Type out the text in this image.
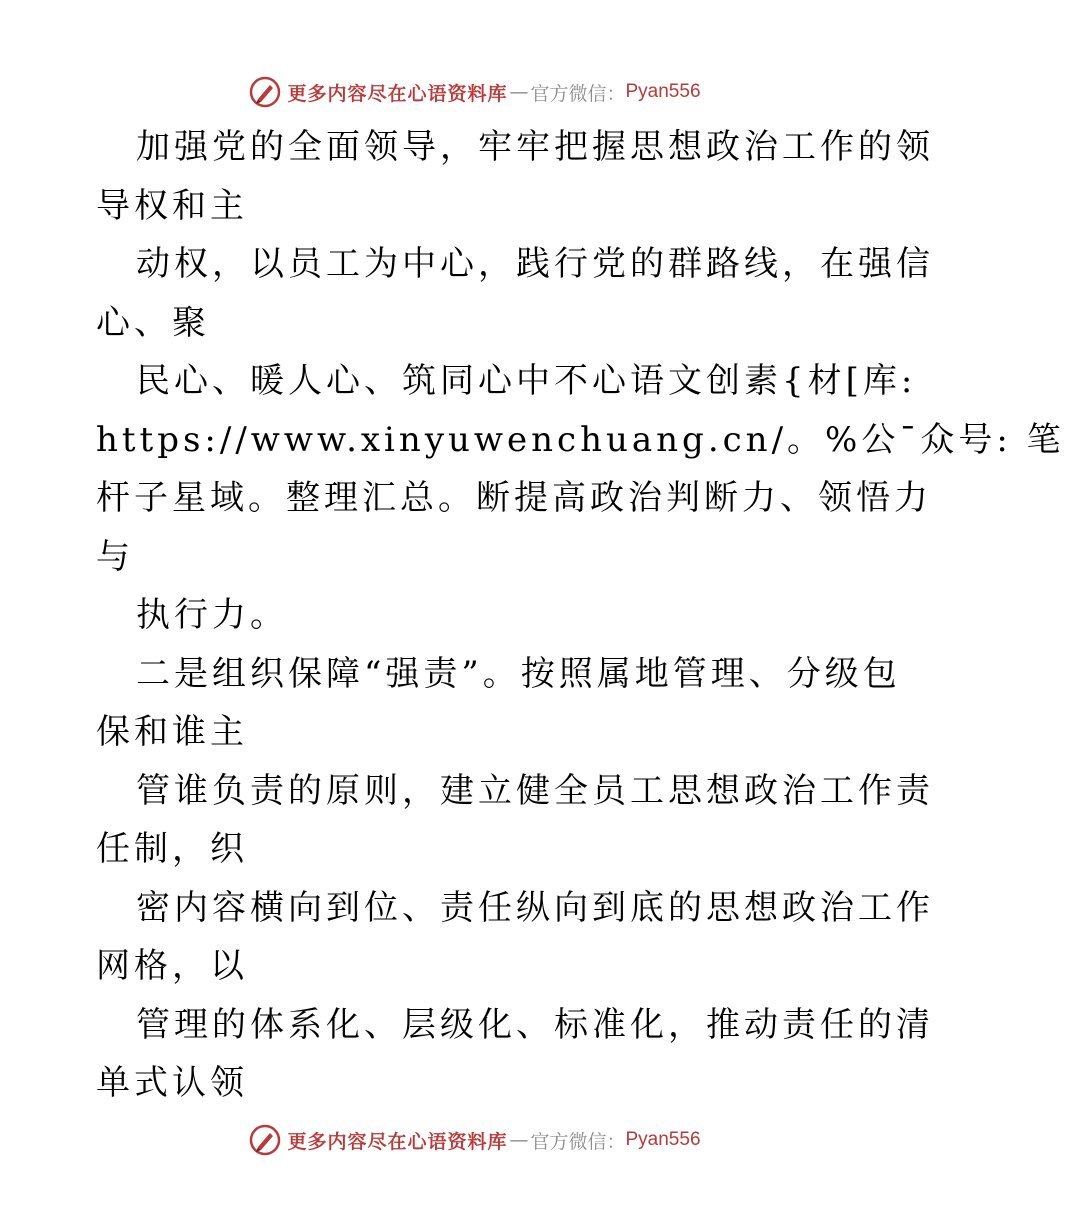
更多内容尽在心语资料库 — 官方微信： Pyan556
加强党的全面领导，牢牢把握思想政治工作的领
导权和主
动权，以员工为中心，践行党的群路线，在强信
心、聚
民心、暖人心、筑同心中不心语文创素{材[库:
https://www.xinyuwenchuang.cn/。%公¯众号: 笔
杆子星域。整理汇总。断提高政治判断力、领悟力
与
执行力。
二是组织保障“强责”。按照属地管理、分级包
保和谁主
管谁负责的原则，建立健全员工思想政治工作责
任制，织
密内容横向到位、责任纵向到底的思想政治工作
网格，以
管理的体系化、层级化、标准化，推动责任的清
单式认领
更多内容尽在心语资料库 — 官方微信： Pyan556
